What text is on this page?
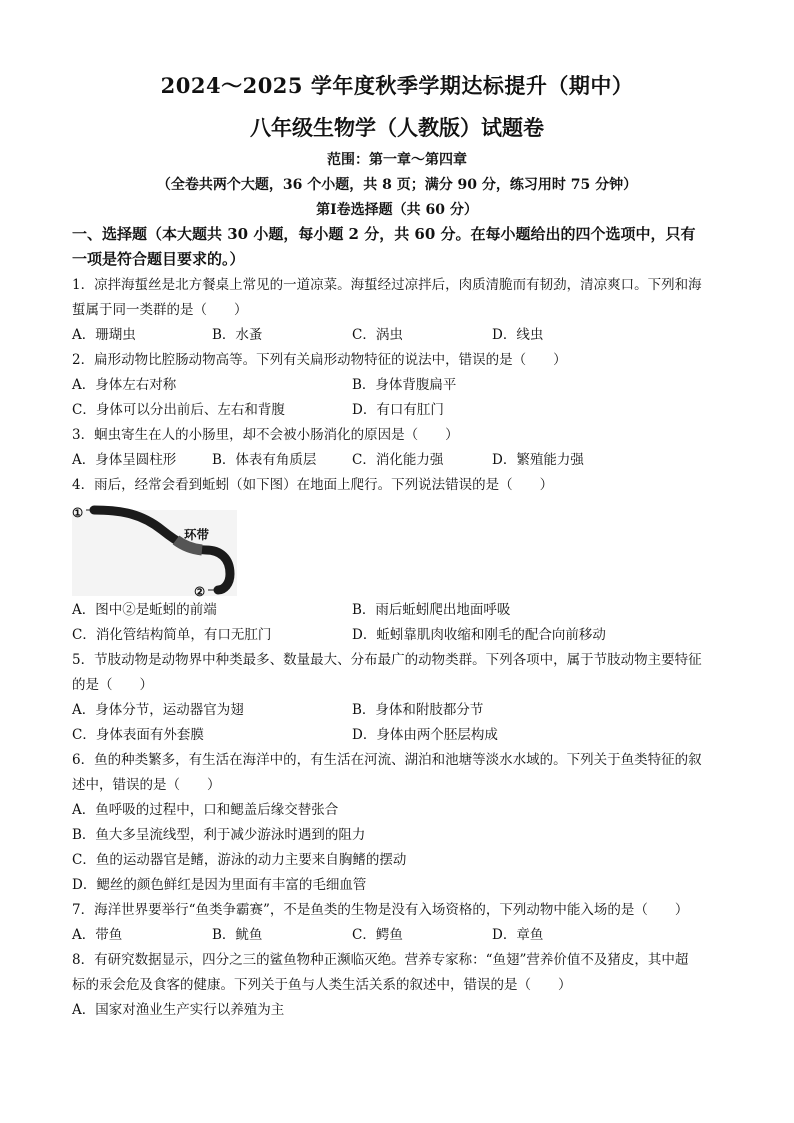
2024～2025 学年度秋季学期达标提升（期中）
八年级生物学（人教版）试题卷
范围：第一章～第四章
（全卷共两个大题，36 个小题，共 8 页；满分 90 分，练习用时 75 分钟）
第Ⅰ卷选择题（共 60 分）
一、选择题（本大题共 30 小题，每小题 2 分，共 60 分。在每小题给出的四个选项中，只有
一项是符合题目要求的。）

1．凉拌海蜇丝是北方餐桌上常见的一道凉菜。海蜇经过凉拌后，肉质清脆而有韧劲，清凉爽口。下列和海

蜇属于同一类群的是（　　）

A．珊瑚虫	B．水蚤	C．涡虫	D．线虫

2．扁形动物比腔肠动物高等。下列有关扁形动物特征的说法中，错误的是（　　）

A．身体左右对称	B．身体背腹扁平
C．身体可以分出前后、左右和背腹	D．有口有肛门

3．蛔虫寄生在人的小肠里，却不会被小肠消化的原因是（　　）

A．身体呈圆柱形	B．体表有角质层	C．消化能力强	D．繁殖能力强

4．雨后，经常会看到蚯蚓（如下图）在地面上爬行。下列说法错误的是（　　）

①
环带
②
A．图中②是蚯蚓的前端	B．雨后蚯蚓爬出地面呼吸
C．消化管结构简单，有口无肛门	D．蚯蚓靠肌肉收缩和刚毛的配合向前移动

5．节肢动物是动物界中种类最多、数量最大、分布最广的动物类群。下列各项中，属于节肢动物主要特征

的是（　　）

A．身体分节，运动器官为翅	B．身体和附肢都分节
C．身体表面有外套膜	D．身体由两个胚层构成

6．鱼的种类繁多，有生活在海洋中的，有生活在河流、湖泊和池塘等淡水水域的。下列关于鱼类特征的叙

述中，错误的是（　　）

A．鱼呼吸的过程中，口和鳃盖后缘交替张合

B．鱼大多呈流线型，利于减少游泳时遇到的阻力

C．鱼的运动器官是鳍，游泳的动力主要来自胸鳍的摆动

D．鳃丝的颜色鲜红是因为里面有丰富的毛细血管

7．海洋世界要举行“鱼类争霸赛”，不是鱼类的生物是没有入场资格的，下列动物中能入场的是（　　）

A．带鱼	B．鱿鱼	C．鳄鱼	D．章鱼

8．有研究数据显示，四分之三的鲨鱼物种正濒临灭绝。营养专家称：“鱼翅”营养价值不及猪皮，其中超

标的汞会危及食客的健康。下列关于鱼与人类生活关系的叙述中，错误的是（　　）

A．国家对渔业生产实行以养殖为主
